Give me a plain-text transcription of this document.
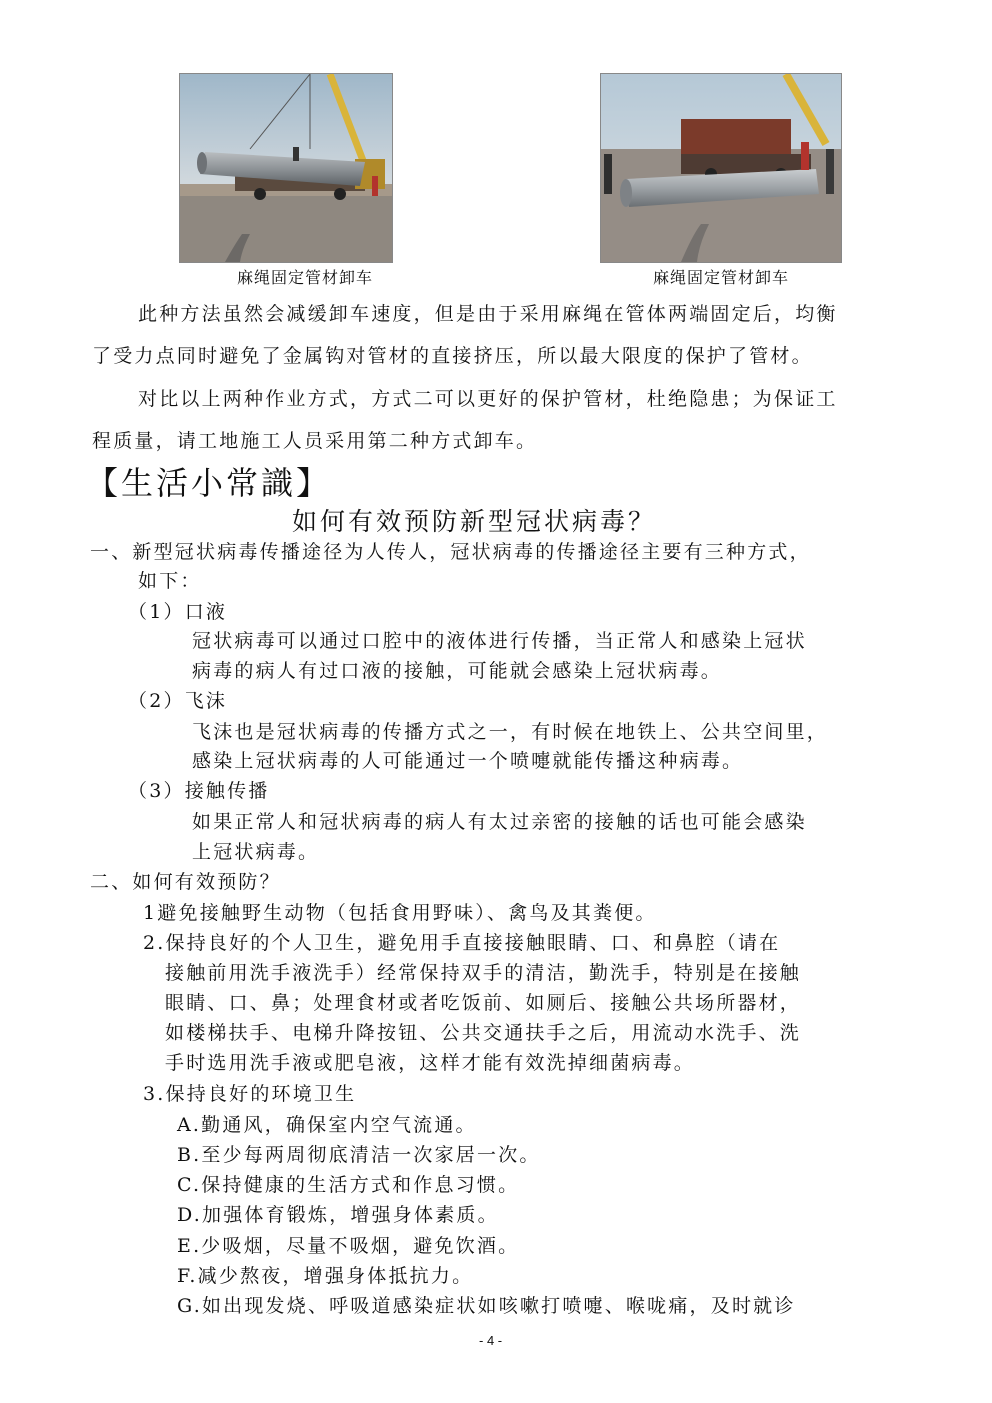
麻绳固定管材卸车	麻绳固定管材卸车
此种方法虽然会减缓卸车速度，但是由于采用麻绳在管体两端固定后，均衡
了受力点同时避免了金属钩对管材的直接挤压，所以最大限度的保护了管材。
对比以上两种作业方式，方式二可以更好的保护管材，杜绝隐患；为保证工
程质量，请工地施工人员采用第二种方式卸车。
【生活小常識】
如何有效预防新型冠状病毒？
一、新型冠状病毒传播途径为人传人，冠状病毒的传播途径主要有三种方式，
如下：
（1）口液
冠状病毒可以通过口腔中的液体进行传播，当正常人和感染上冠状
病毒的病人有过口液的接触，可能就会感染上冠状病毒。
（2）飞沫
飞沫也是冠状病毒的传播方式之一，有时候在地铁上、公共空间里，
感染上冠状病毒的人可能通过一个喷嚏就能传播这种病毒。
（3）接触传播
如果正常人和冠状病毒的病人有太过亲密的接触的话也可能会感染
上冠状病毒。
二、如何有效预防？
1避免接触野生动物（包括食用野味）、禽鸟及其粪便。
2.保持良好的个人卫生，避免用手直接接触眼睛、口、和鼻腔（请在
接触前用洗手液洗手）经常保持双手的清洁，勤洗手，特别是在接触
眼睛、口、鼻；处理食材或者吃饭前、如厕后、接触公共场所器材，
如楼梯扶手、电梯升降按钮、公共交通扶手之后，用流动水洗手、洗
手时选用洗手液或肥皂液，这样才能有效洗掉细菌病毒。
3.保持良好的环境卫生
A.勤通风，确保室内空气流通。
B.至少每两周彻底清洁一次家居一次。
C.保持健康的生活方式和作息习惯。
D.加强体育锻炼，增强身体素质。
E.少吸烟，尽量不吸烟，避免饮酒。
F.减少熬夜，增强身体抵抗力。
G.如出现发烧、呼吸道感染症状如咳嗽打喷嚏、喉咙痛，及时就诊
- 4 -
